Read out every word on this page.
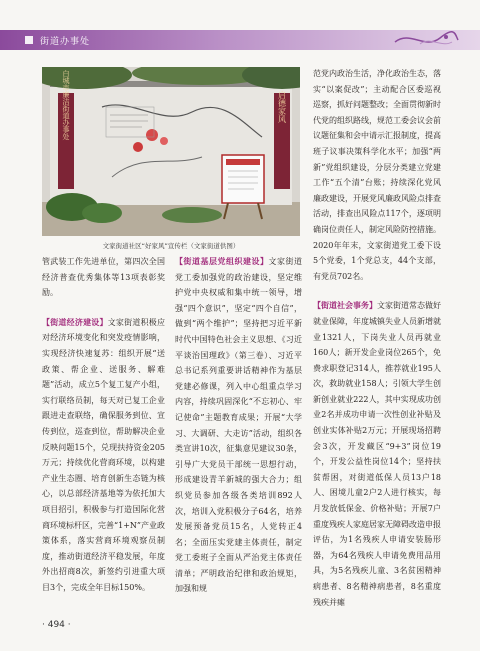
街道办事处
白城市廉洁街道办事处	启德家风
文家街道社区“好家风”宣传栏（文家街道供图）

管武装工作先进单位，第四次全国经济普查优秀集体等13项表彰奖励。

【街道经济建设】文家街道积极应对经济环境变化和突发疫情影响，实现经济快速复苏：组织开展“送政策、帮企业、送服务、解难题”活动，成立5个复工复产小组，实行联络员制，每天对已复工企业跟进走查联络，确保服务到位、宣传到位，巡查到位，帮助解决企业反映问题15个，兑现扶持资金205万元；持续优化营商环境，以构建产业生态圈、培育创新生态链为核心，以总部经济基地等为依托加大项目招引，积极参与打造国际化营商环境标杆区，完善“1+N”产业政策体系，落实营商环境观察员制度，推动街道经济平稳发展，年度外出招商8次，新签约引进重大项目3个，完成全年目标150%。

【街道基层党组织建设】文家街道党工委加强党的政治建设，坚定维护党中央权威和集中统一领导，增强“四个意识”，坚定“四个自信”，做到“两个维护”；坚持把习近平新时代中国特色社会主义思想、《习近平谈治国理政》（第三卷）、习近平总书记系列重要讲话精神作为基层党建必修课，列入中心组重点学习内容，持续巩固深化“不忘初心、牢记使命”主题教育成果；开展“大学习、大调研、大走访”活动，组织各类宣讲10次，征集意见建议30条，引导广大党员干部统一思想行动，形成建设青羊新城的强大合力；组织党员参加各级各类培训892人次，培训入党积极分子64名，培养发展预备党员15名，人党转正4名；全面压实党建主体责任，制定党工委班子全面从严治党主体责任清单；严明政治纪律和政治规矩，加强和规

范党内政治生活，净化政治生态，落实“以案促改”；主动配合区委巡视巡察，抓好问题整改；全面贯彻新时代党的组织路线，规范工委会议会前议题征集和会中请示汇报制度，提高班子议事决策科学化水平；加强“两新”党组织建设，分层分类建立党建工作“五个清”台账；持续深化党风廉政建设，开展党风廉政风险点排查活动，排查出风险点117个，逐项明确岗位责任人，制定风险防控措施。2020年年末，文家街道党工委下设5个党委，1个党总支，44个支部，有党员702名。

【街道社会事务】文家街道常态做好就业保障，年度城镇失业人员新增就业1321人，下岗失业人员再就业160人；新开发企业岗位265个，免费求职登记314人，推荐就业195人次，救助就业158人；引领大学生创新创业就业222人，其中实现成功创业2名并成功申请一次性创业补贴及创业实体补贴2万元；开展现场招聘会3次，开发藏区“9+3”岗位19个，开发公益性岗位14个；坚持扶贫帮困，对街道低保人员13户18人、困境儿童2户2人进行核实，每月发放低保金、价格补贴；开展7户重度残疾人家庭居家无障碍改造申报评估，为1名残疾人申请安装肠形器，为64名残疾人申请免费用品用具，为5名残疾儿童、3名贫困精神病患者、8名精神病患者，8名重度残疾并瘫

· 494 ·
